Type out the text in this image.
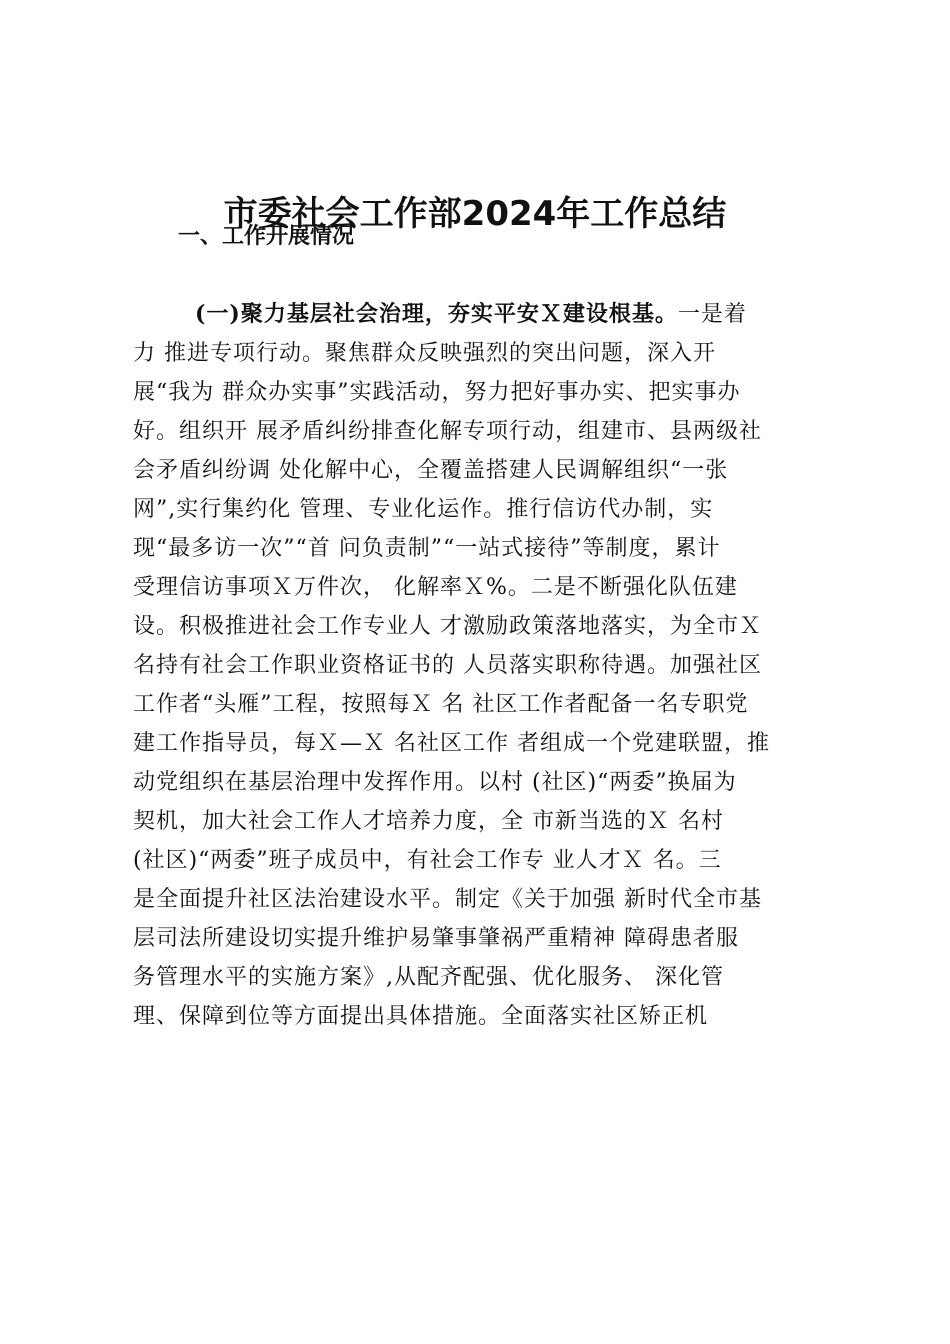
市委社会工作部2024年工作总结
一、工作开展情况
(一)聚力基层社会治理，夯实平安Ｘ建设根基。一是着
力 推进专项行动。聚焦群众反映强烈的突出问题，深入开
展“我为 群众办实事”实践活动，努力把好事办实、把实事办
好。组织开 展矛盾纠纷排查化解专项行动，组建市、县两级社
会矛盾纠纷调 处化解中心，全覆盖搭建人民调解组织“一张
网”,实行集约化 管理、专业化运作。推行信访代办制，实
现“最多访一次”“首 问负责制”“一站式接待”等制度，累计
受理信访事项Ｘ万件次， 化解率Ｘ%。二是不断强化队伍建
设。积极推进社会工作专业人 才激励政策落地落实，为全市Ｘ
名持有社会工作职业资格证书的 人员落实职称待遇。加强社区
工作者“头雁”工程，按照每Ｘ 名 社区工作者配备一名专职党
建工作指导员，每Ｘ—Ｘ 名社区工作 者组成一个党建联盟，推
动党组织在基层治理中发挥作用。以村 (社区)“两委”换届为
契机，加大社会工作人才培养力度，全 市新当选的Ｘ 名村
(社区)“两委”班子成员中，有社会工作专 业人才Ｘ 名。三
是全面提升社区法治建设水平。制定《关于加强 新时代全市基
层司法所建设切实提升维护易肇事肇祸严重精神 障碍患者服
务管理水平的实施方案》,从配齐配强、优化服务、 深化管
理、保障到位等方面提出具体措施。全面落实社区矫正机
